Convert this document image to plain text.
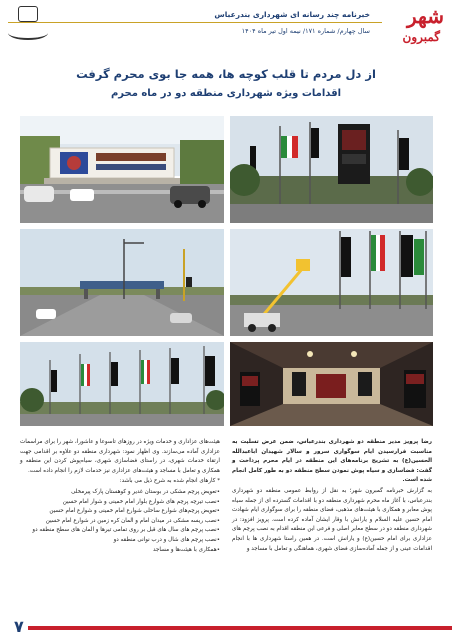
خبرنامه چند رسانه ای شهرداری بندرعباس
سال چهارم/ شماره ۱۷۱/ نیمه اول تیر ماه ۱۴۰۴
شهر
گمبرون
از دل مردم تا قلب کوچه ها، همه جا بوی محرم گرفت
اقدامات ویژه شهرداری منطقه دو در ماه محرم

رضا پرویز مدیر منطقه دو شهرداری بندرعباس، ضمن عرض تسلیت به مناسبت فرارسیدن ایام سوگواری سرور و سالار شهیدان اباعبدالله الحسین(ع) به تشریح برنامه‌های این منطقه در ایام محرم پرداخت و گفت: فضاسازی و سیاه پوش نمودن سطح منطقه دو به طور کامل انجام شده است.

به گزارش خبرنامه گمبرون شهر؛ به نقل از روابط عمومی منطقه دو شهرداری بندرعباس، با آغاز ماه محرم شهرداری منطقه دو با اقدامات گسترده ای از جمله سیاه پوش معابر و همکاری با هیئت‌های مذهبی، فضای منطقه را برای سوگواری ایام شهادت امام حسین علیه السلام و یارانش با وقار ایشان آماده کرده است. پرویز افزود: ‌در شهرداری منطقه دو در سطح معابر اصلی و فرعی این منطقه اقدام به نصب پرچم های عزاداری برای امام حسین(ع) و یارانش است. در همین راستا شهرداری ها با انجام اقدامات عینی و از جمله آماده‌سازی فضای شهری، هماهنگی و تعامل با مساجد و

هیئت‌های عزاداری و خدمات ویژه در روزهای تاسوعا و عاشورا، شهر را برای مراسمات عزاداری آماده می‌سازند. وی اظهار نمود: شهرداری منطقه دو علاوه بر اقدامی جهت ارتقاء خدمات شهری، در راستای فضاسازی شهری، سیاه‌پوش کردن این منطقه و همکاری و تعامل با مساجد و هیئت‌های عزاداری نیز خدمات لازم را انجام داده است.

* کارهای انجام شده به شرح ذیل می باشد:

•تعویض پرچم مشکی در بوستان غدیر و کوهستان پارک پیرمخلی
•نصب تیرچه پرچم های شوارع بلوار امام خمینی و شوار امام حسین
•تعویض پرچم‌های شوارع ساحلی شوارع امام خمینی و شوارع امام حسین
•نصب ریسه مشکی در میدان امام و المان کره زمین در شوارع امام حسین
•نصب پرچم های سال های قبل بر روی تمامی تیرها و المان های سطح منطقه دو
•نصب پرچم های شال و درب نوانی منطقه دو
•همکاری با هیئت‌ها و مساجد
۷
